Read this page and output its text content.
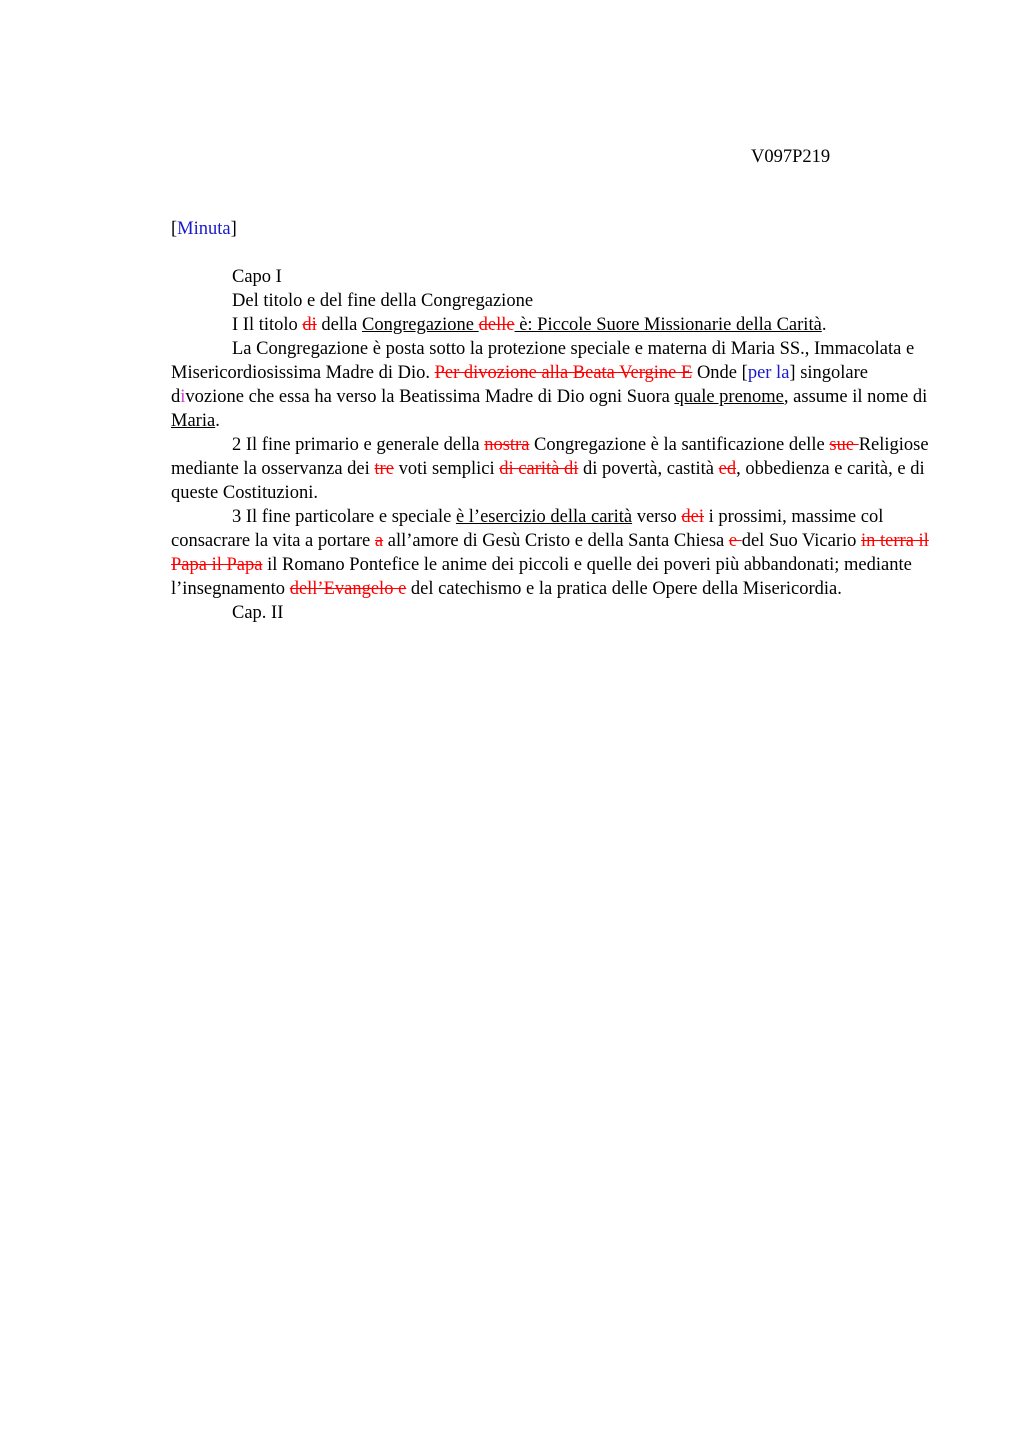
V097P219
[Minuta]

Capo I

Del titolo e del fine della Congregazione

I Il titolo di della Congregazione delle è: Piccole Suore Missionarie della Carità.

La Congregazione è posta sotto la protezione speciale e materna di Maria SS., Immacolata e Misericordiosissima Madre di Dio. Per divozione alla Beata Vergine E Onde [per la] singolare divozione che essa ha verso la Beatissima Madre di Dio ogni Suora quale prenome, assume il nome di Maria.

2 Il fine primario e generale della nostra Congregazione è la santificazione delle sue Religiose mediante la osservanza dei tre voti semplici di carità di di povertà, castità ed, obbedienza e carità, e di queste Costituzioni.

3 Il fine particolare e speciale è l’esercizio della carità verso dei i prossimi, massime col consacrare la vita a portare a all’amore di Gesù Cristo e della Santa Chiesa e del Suo Vicario in terra il Papa il Papa il Romano Pontefice le anime dei piccoli e quelle dei poveri più abbandonati; mediante l’insegnamento dell’Evangelo e del catechismo e la pratica delle Opere della Misericordia.

Cap. II
